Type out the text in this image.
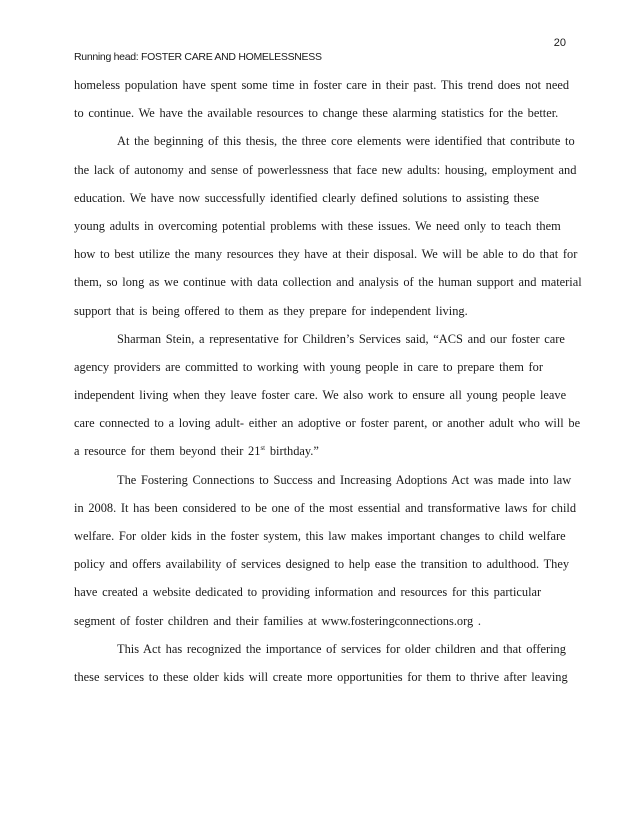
20
Running head: FOSTER CARE AND HOMELESSNESS
homeless population have spent some time in foster care in their past. This trend does not need
to continue. We have the available resources to change these alarming statistics for the better.
At the beginning of this thesis, the three core elements were identified that contribute to
the lack of autonomy and sense of powerlessness that face new adults: housing, employment and
education. We have now successfully identified clearly defined solutions to assisting these
young adults in overcoming potential problems with these issues. We need only to teach them
how to best utilize the many resources they have at their disposal. We will be able to do that for
them, so long as we continue with data collection and analysis of the human support and material
support that is being offered to them as they prepare for independent living.
Sharman Stein, a representative for Children’s Services said, “ACS and our foster care
agency providers are committed to working with young people in care to prepare them for
independent living when they leave foster care. We also work to ensure all young people leave
care connected to a loving adult- either an adoptive or foster parent, or another adult who will be
a resource for them beyond their 21st birthday.”
The Fostering Connections to Success and Increasing Adoptions Act was made into law
in 2008. It has been considered to be one of the most essential and transformative laws for child
welfare. For older kids in the foster system, this law makes important changes to child welfare
policy and offers availability of services designed to help ease the transition to adulthood. They
have created a website dedicated to providing information and resources for this particular
segment of foster children and their families at www.fosteringconnections.org .
This Act has recognized the importance of services for older children and that offering
these services to these older kids will create more opportunities for them to thrive after leaving
